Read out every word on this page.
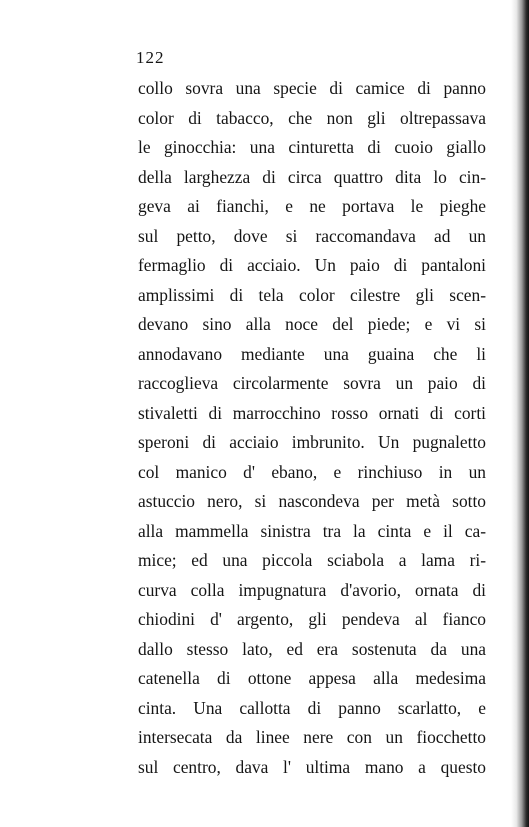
122
collo sovra una specie di camice di panno
color di tabacco, che non gli oltrepassava
le ginocchia: una cinturetta di cuoio giallo
della larghezza di circa quattro dita lo cin-
geva ai fianchi, e ne portava le pieghe
sul petto, dove si raccomandava ad un
fermaglio di acciaio. Un paio di pantaloni
amplissimi di tela color cilestre gli scen-
devano sino alla noce del piede; e vi si
annodavano mediante una guaina che li
raccoglieva circolarmente sovra un paio di
stivaletti di marrocchino rosso ornati di corti
speroni di acciaio imbrunito. Un pugnaletto
col manico d' ebano, e rinchiuso in un
astuccio nero, si nascondeva per metà sotto
alla mammella sinistra tra la cinta e il ca-
mice; ed una piccola sciabola a lama ri-
curva colla impugnatura d'avorio, ornata di
chiodini d' argento, gli pendeva al fianco
dallo stesso lato, ed era sostenuta da una
catenella di ottone appesa alla medesima
cinta. Una callotta di panno scarlatto, e
intersecata da linee nere con un fiocchetto
sul centro, dava l' ultima mano a questo
